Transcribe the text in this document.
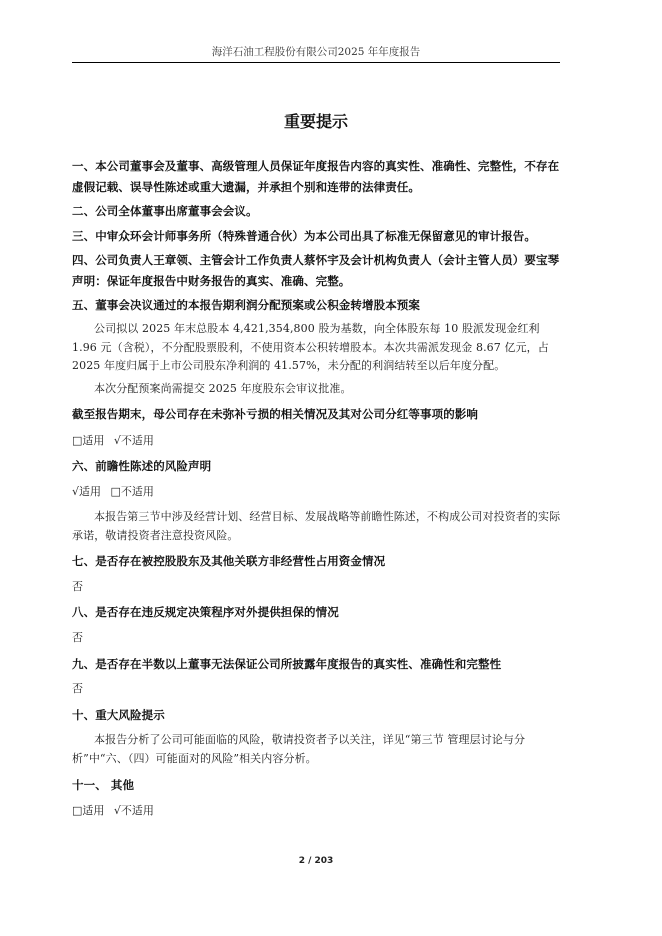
海洋石油工程股份有限公司2025 年年度报告
重要提示

一、本公司董事会及董事、高级管理人员保证年度报告内容的真实性、准确性、完整性，不存在虚假记载、误导性陈述或重大遗漏，并承担个别和连带的法律责任。

二、公司全体董事出席董事会会议。

三、中审众环会计师事务所（特殊普通合伙）为本公司出具了标准无保留意见的审计报告。

四、公司负责人王章领、主管会计工作负责人蔡怀宇及会计机构负责人（会计主管人员）要宝琴声明：保证年度报告中财务报告的真实、准确、完整。

五、董事会决议通过的本报告期利润分配预案或公积金转增股本预案

公司拟以 2025 年末总股本 4,421,354,800 股为基数，向全体股东每 10 股派发现金红利 1.96 元（含税），不分配股票股利，不使用资本公积转增股本。本次共需派发现金 8.67 亿元，占 2025 年度归属于上市公司股东净利润的 41.57%，未分配的利润结转至以后年度分配。

本次分配预案尚需提交 2025 年度股东会审议批准。

截至报告期末，母公司存在未弥补亏损的相关情况及其对公司分红等事项的影响

□适用 √不适用

六、前瞻性陈述的风险声明

√适用 □不适用

本报告第三节中涉及经营计划、经营目标、发展战略等前瞻性陈述，不构成公司对投资者的实际承诺，敬请投资者注意投资风险。

七、是否存在被控股股东及其他关联方非经营性占用资金情况

否

八、是否存在违反规定决策程序对外提供担保的情况

否

九、是否存在半数以上董事无法保证公司所披露年度报告的真实性、准确性和完整性

否

十、重大风险提示

本报告分析了公司可能面临的风险，敬请投资者予以关注，详见“第三节 管理层讨论与分析”中“六、（四）可能面对的风险”相关内容分析。

十一、 其他

□适用 √不适用
2 / 203
